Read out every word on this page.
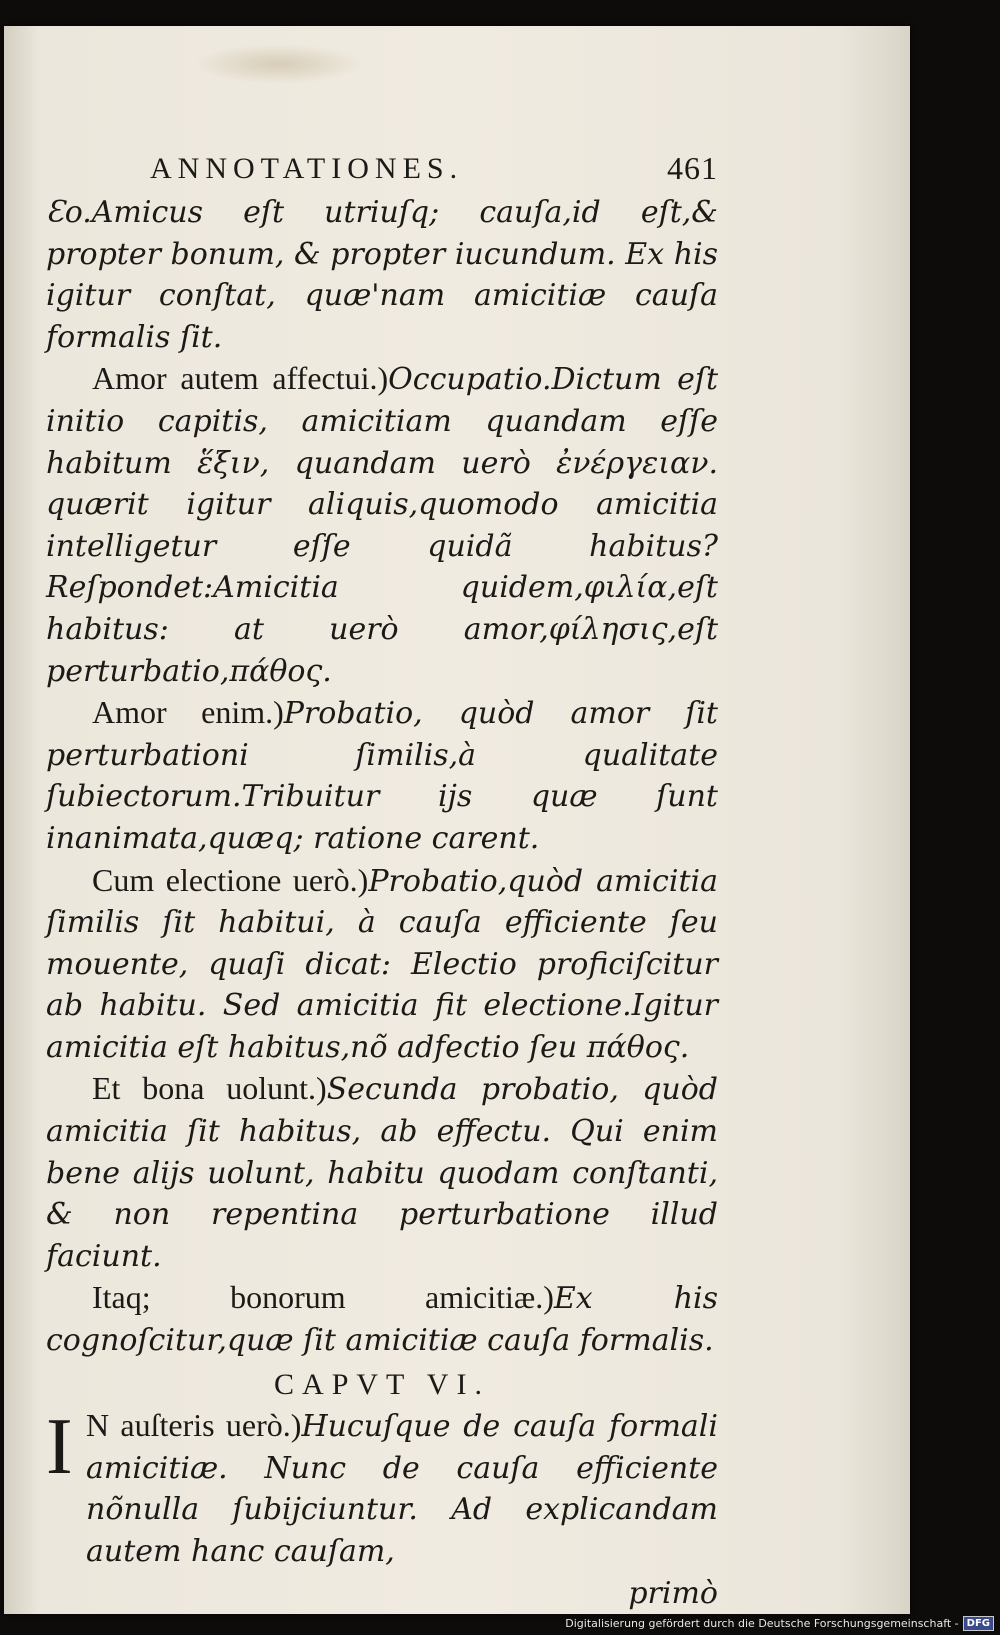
ANNOTATIONES.	461

Ɛo.Amicus eſt utriuſq; cauſa,id eſt,& propter bonum, & propter iucundum. Ex his igitur conſtat, quæ'nam amicitiæ cauſa formalis ſit.

Amor autem affectui.)Occupatio.Dictum eſt initio capitis, amicitiam quandam eſſe habitum ἕξιν, quandam uerò ἐνέργειαν. quærit igitur aliquis,quomodo amicitia intelligetur eſſe quidã habitus?Reſpondet:Amicitia quidem,φιλία,eſt habitus: at uerò amor,φίλησις,eſt perturbatio,πάθος.

Amor enim.)Probatio, quòd amor ſit perturbationi ſimilis,à qualitate ſubiectorum.Tribuitur ijs quæ ſunt inanimata,quæq; ratione carent.

Cum electione uerò.)Probatio,quòd amicitia ſimilis ſit habitui, à cauſa efficiente ſeu mouente, quaſi dicat: Electio proficiſcitur ab habitu. Sed amicitia fit electione.Igitur amicitia eſt habitus,nõ adfectio ſeu πάθος.

Et bona uolunt.)Secunda probatio, quòd amicitia ſit habitus, ab effectu. Qui enim bene alijs uolunt, habitu quodam conſtanti, & non repentina perturbatione illud faciunt.

Itaq; bonorum amicitiæ.)Ex his cognoſcitur,quæ ſit amicitiæ cauſa formalis.

CAPVT VI.

I N auſteris uerò.)Hucuſque de cauſa formali amicitiæ. Nunc de cauſa efficiente nõnulla ſubijciuntur. Ad explicandam autem hanc cauſam,

primò

Digitalisierung gefördert durch die Deutsche Forschungsgemeinschaft - DFG
